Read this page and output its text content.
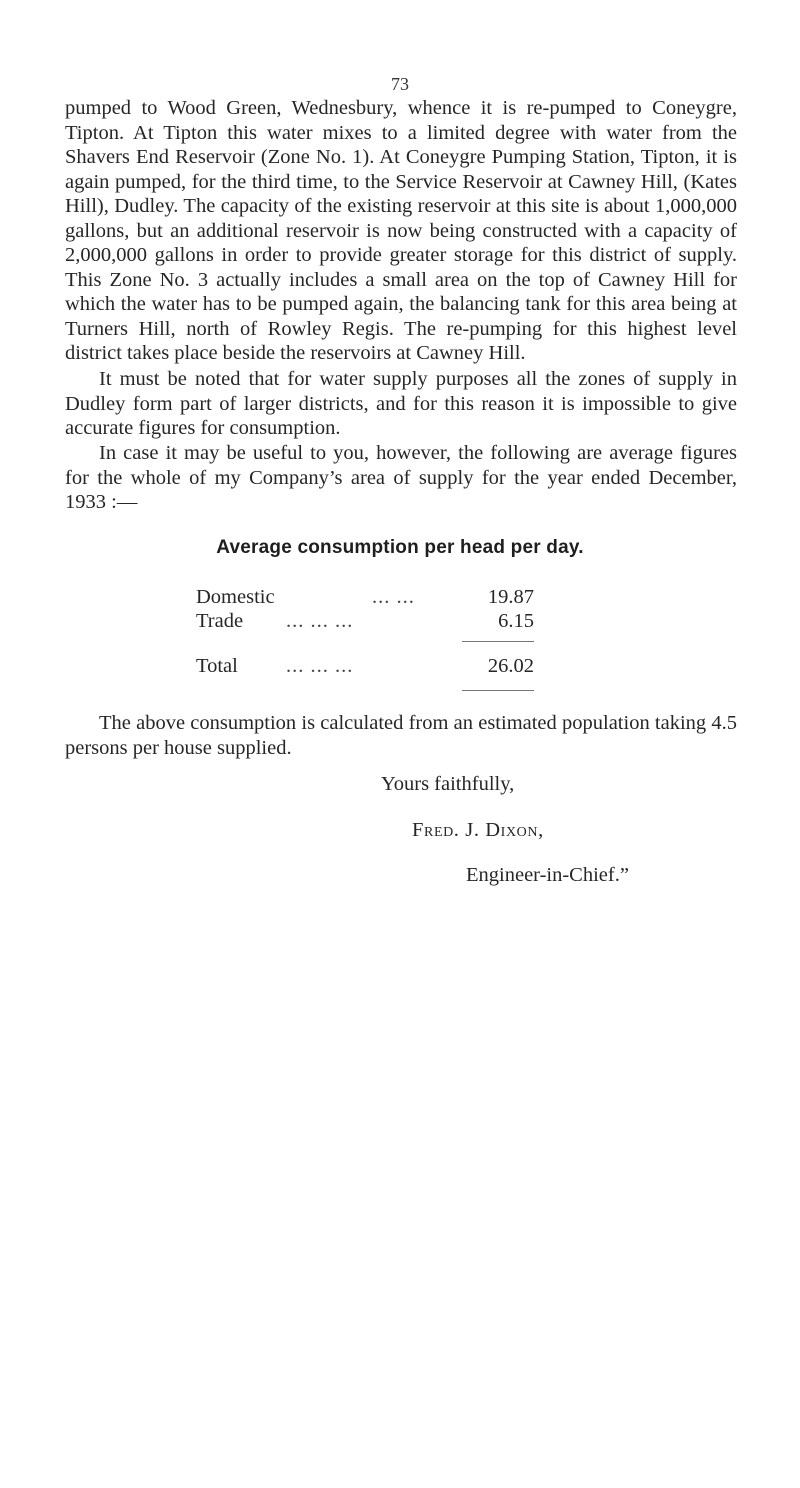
73

pumped to Wood Green, Wednesbury, whence it is re-pumped to Coneygre, Tipton. At Tipton this water mixes to a limited degree with water from the Shavers End Reservoir (Zone No. 1). At Coneygre Pumping Station, Tipton, it is again pumped, for the third time, to the Service Reservoir at Cawney Hill, (Kates Hill), Dudley. The capacity of the existing reservoir at this site is about 1,000,000 gallons, but an additional reservoir is now being constructed with a capacity of 2,000,000 gallons in order to provide greater storage for this district of supply. This Zone No. 3 actually includes a small area on the top of Cawney Hill for which the water has to be pumped again, the balancing tank for this area being at Turners Hill, north of Rowley Regis. The re-pumping for this highest level district takes place beside the reservoirs at Cawney Hill.

It must be noted that for water supply purposes all the zones of supply in Dudley form part of larger districts, and for this reason it is impossible to give accurate figures for consumption.

In case it may be useful to you, however, the following are average figures for the whole of my Company’s area of supply for the year ended December, 1933 :—

Average consumption per head per day.
Domestic	... ...	19.87
Trade ... ... ...	6.15
Total ... ... ...	26.02

The above consumption is calculated from an estimated population taking 4.5 persons per house supplied.

Yours faithfully,
Fred. J. Dixon,
Engineer-in-Chief.”
